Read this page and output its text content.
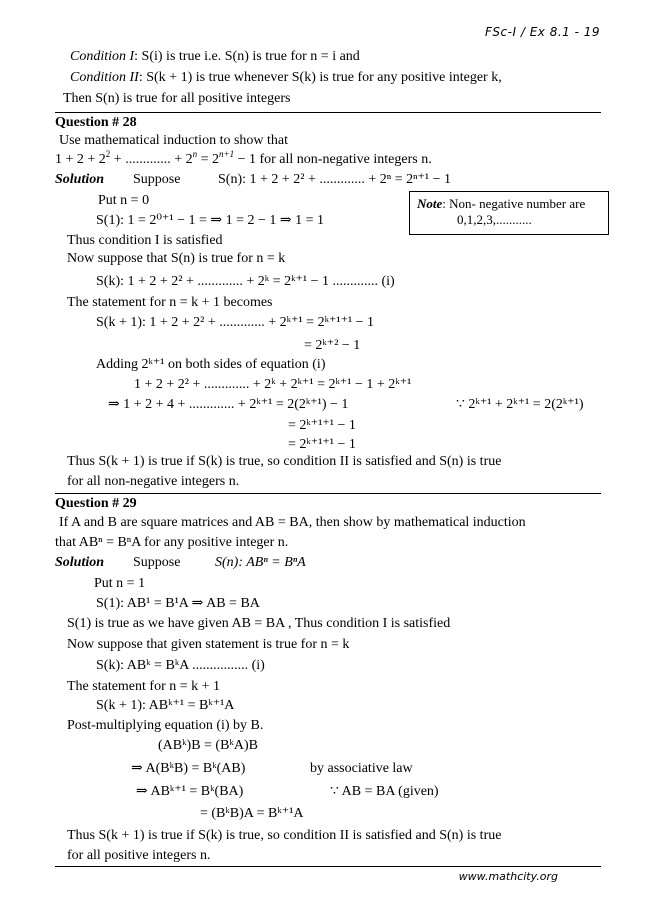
FSc-I / Ex 8.1 - 19
Condition I: S(i) is true i.e. S(n) is true for n = i and
Condition II: S(k + 1) is true whenever S(k) is true for any positive integer k,
Then S(n) is true for all positive integers
Question # 28
Use mathematical induction to show that
$1 + 2 + 2^2$ + ............. + $2^n = 2^{n+1} - 1$ for all non-negative integers n.
Solution Suppose	S(n): 1 + 2 + 2² + ............. + 2ⁿ = 2ⁿ⁺¹ − 1
Put n = 0
S(1): 1 = 2⁰⁺¹ − 1 = ⇒ 1 = 2 − 1 ⇒ 1 = 1
Note: Non- negative number are
0,1,2,3,...........
Thus condition I is satisfied
Now suppose that S(n) is true for n = k
S(k): 1 + 2 + 2² + ............. + 2ᵏ = 2ᵏ⁺¹ − 1 ............. (i)
The statement for n = k + 1 becomes
S(k + 1): 1 + 2 + 2² + ............. + 2ᵏ⁺¹ = 2ᵏ⁺¹⁺¹ − 1
= 2ᵏ⁺² − 1
Adding 2ᵏ⁺¹ on both sides of equation (i)
1 + 2 + 2² + ............. + 2ᵏ + 2ᵏ⁺¹ = 2ᵏ⁺¹ − 1 + 2ᵏ⁺¹
⇒ 1 + 2 + 4 + ............. + 2ᵏ⁺¹ = 2(2ᵏ⁺¹) − 1	∵ 2ᵏ⁺¹ + 2ᵏ⁺¹ = 2(2ᵏ⁺¹)
= 2ᵏ⁺¹⁺¹ − 1
= 2ᵏ⁺¹⁺¹ − 1
Thus S(k + 1) is true if S(k) is true, so condition II is satisfied and S(n) is true
for all non-negative integers n.
Question # 29
If A and B are square matrices and AB = BA, then show by mathematical induction
that ABⁿ = BⁿA for any positive integer n.
Solution Suppose S(n): ABⁿ = BⁿA
Put n = 1
S(1): AB¹ = B¹A ⇒ AB = BA
S(1) is true as we have given AB = BA , Thus condition I is satisfied
Now suppose that given statement is true for n = k
S(k): ABᵏ = BᵏA ................ (i)
The statement for n = k + 1
S(k + 1): ABᵏ⁺¹ = Bᵏ⁺¹A
Post-multiplying equation (i) by B.
(ABᵏ)B = (BᵏA)B
⇒ A(BᵏB) = Bᵏ(AB)	by associative law
⇒ ABᵏ⁺¹ = Bᵏ(BA)	∵ AB = BA (given)
= (BᵏB)A = Bᵏ⁺¹A
Thus S(k + 1) is true if S(k) is true, so condition II is satisfied and S(n) is true
for all positive integers n.
www.mathcity.org
